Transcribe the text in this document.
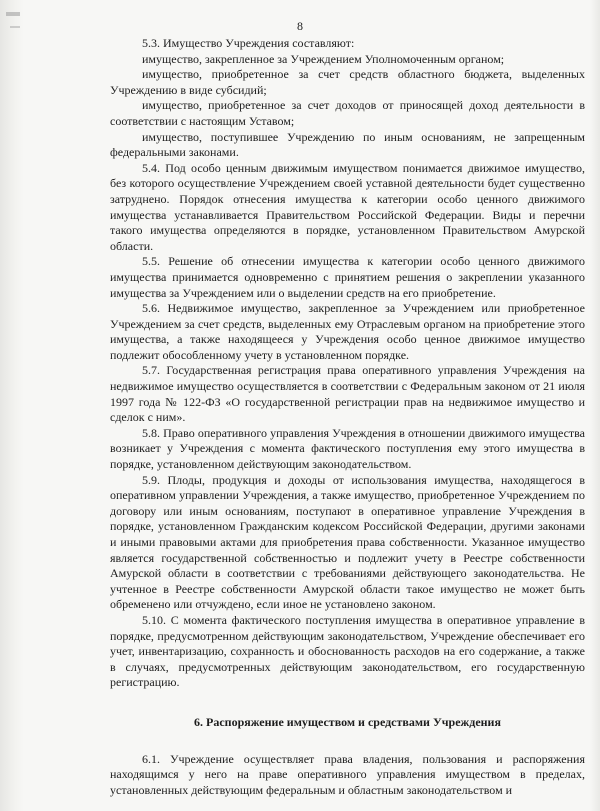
8

5.3. Имущество Учреждения составляют:

имущество, закрепленное за Учреждением Уполномоченным органом;

имущество, приобретенное за счет средств областного бюджета, выделенных Учреждению в виде субсидий;

имущество, приобретенное за счет доходов от приносящей доход деятельности в соответствии с настоящим Уставом;

имущество, поступившее Учреждению по иным основаниям, не запрещенным федеральными законами.

5.4. Под особо ценным движимым имуществом понимается движимое имущество, без которого осуществление Учреждением своей уставной деятельности будет существенно затруднено. Порядок отнесения имущества к категории особо ценного движимого имущества устанавливается Правительством Российской Федерации. Виды и перечни такого имущества определяются в порядке, установленном Правительством Амурской области.

5.5. Решение об отнесении имущества к категории особо ценного движимого имущества принимается одновременно с принятием решения о закреплении указанного имущества за Учреждением или о выделении средств на его приобретение.

5.6. Недвижимое имущество, закрепленное за Учреждением или приобретенное Учреждением за счет средств, выделенных ему Отраслевым органом на приобретение этого имущества, а также находящееся у Учреждения особо ценное движимое имущество подлежит обособленному учету в установленном порядке.

5.7. Государственная регистрация права оперативного управления Учреждения на недвижимое имущество осуществляется в соответствии с Федеральным законом от 21 июля 1997 года № 122-ФЗ «О государственной регистрации прав на недвижимое имущество и сделок с ним».

5.8. Право оперативного управления Учреждения в отношении движимого имущества возникает у Учреждения с момента фактического поступления ему этого имущества в порядке, установленном действующим законодательством.

5.9. Плоды, продукция и доходы от использования имущества, находящегося в оперативном управлении Учреждения, а также имущество, приобретенное Учреждением по договору или иным основаниям, поступают в оперативное управление Учреждения в порядке, установленном Гражданским кодексом Российской Федерации, другими законами и иными правовыми актами для приобретения права собственности. Указанное имущество является государственной собственностью и подлежит учету в Реестре собственности Амурской области в соответствии с требованиями действующего законодательства. Не учтенное в Реестре собственности Амурской области такое имущество не может быть обременено или отчуждено, если иное не установлено законом.

5.10. С момента фактического поступления имущества в оперативное управление в порядке, предусмотренном действующим законодательством, Учреждение обеспечивает его учет, инвентаризацию, сохранность и обоснованность расходов на его содержание, а также в случаях, предусмотренных действующим законодательством, его государственную регистрацию.

6. Распоряжение имуществом и средствами Учреждения

6.1. Учреждение осуществляет права владения, пользования и распоряжения находящимся у него на праве оперативного управления имуществом в пределах, установленных действующим федеральным и областным законодательством и
